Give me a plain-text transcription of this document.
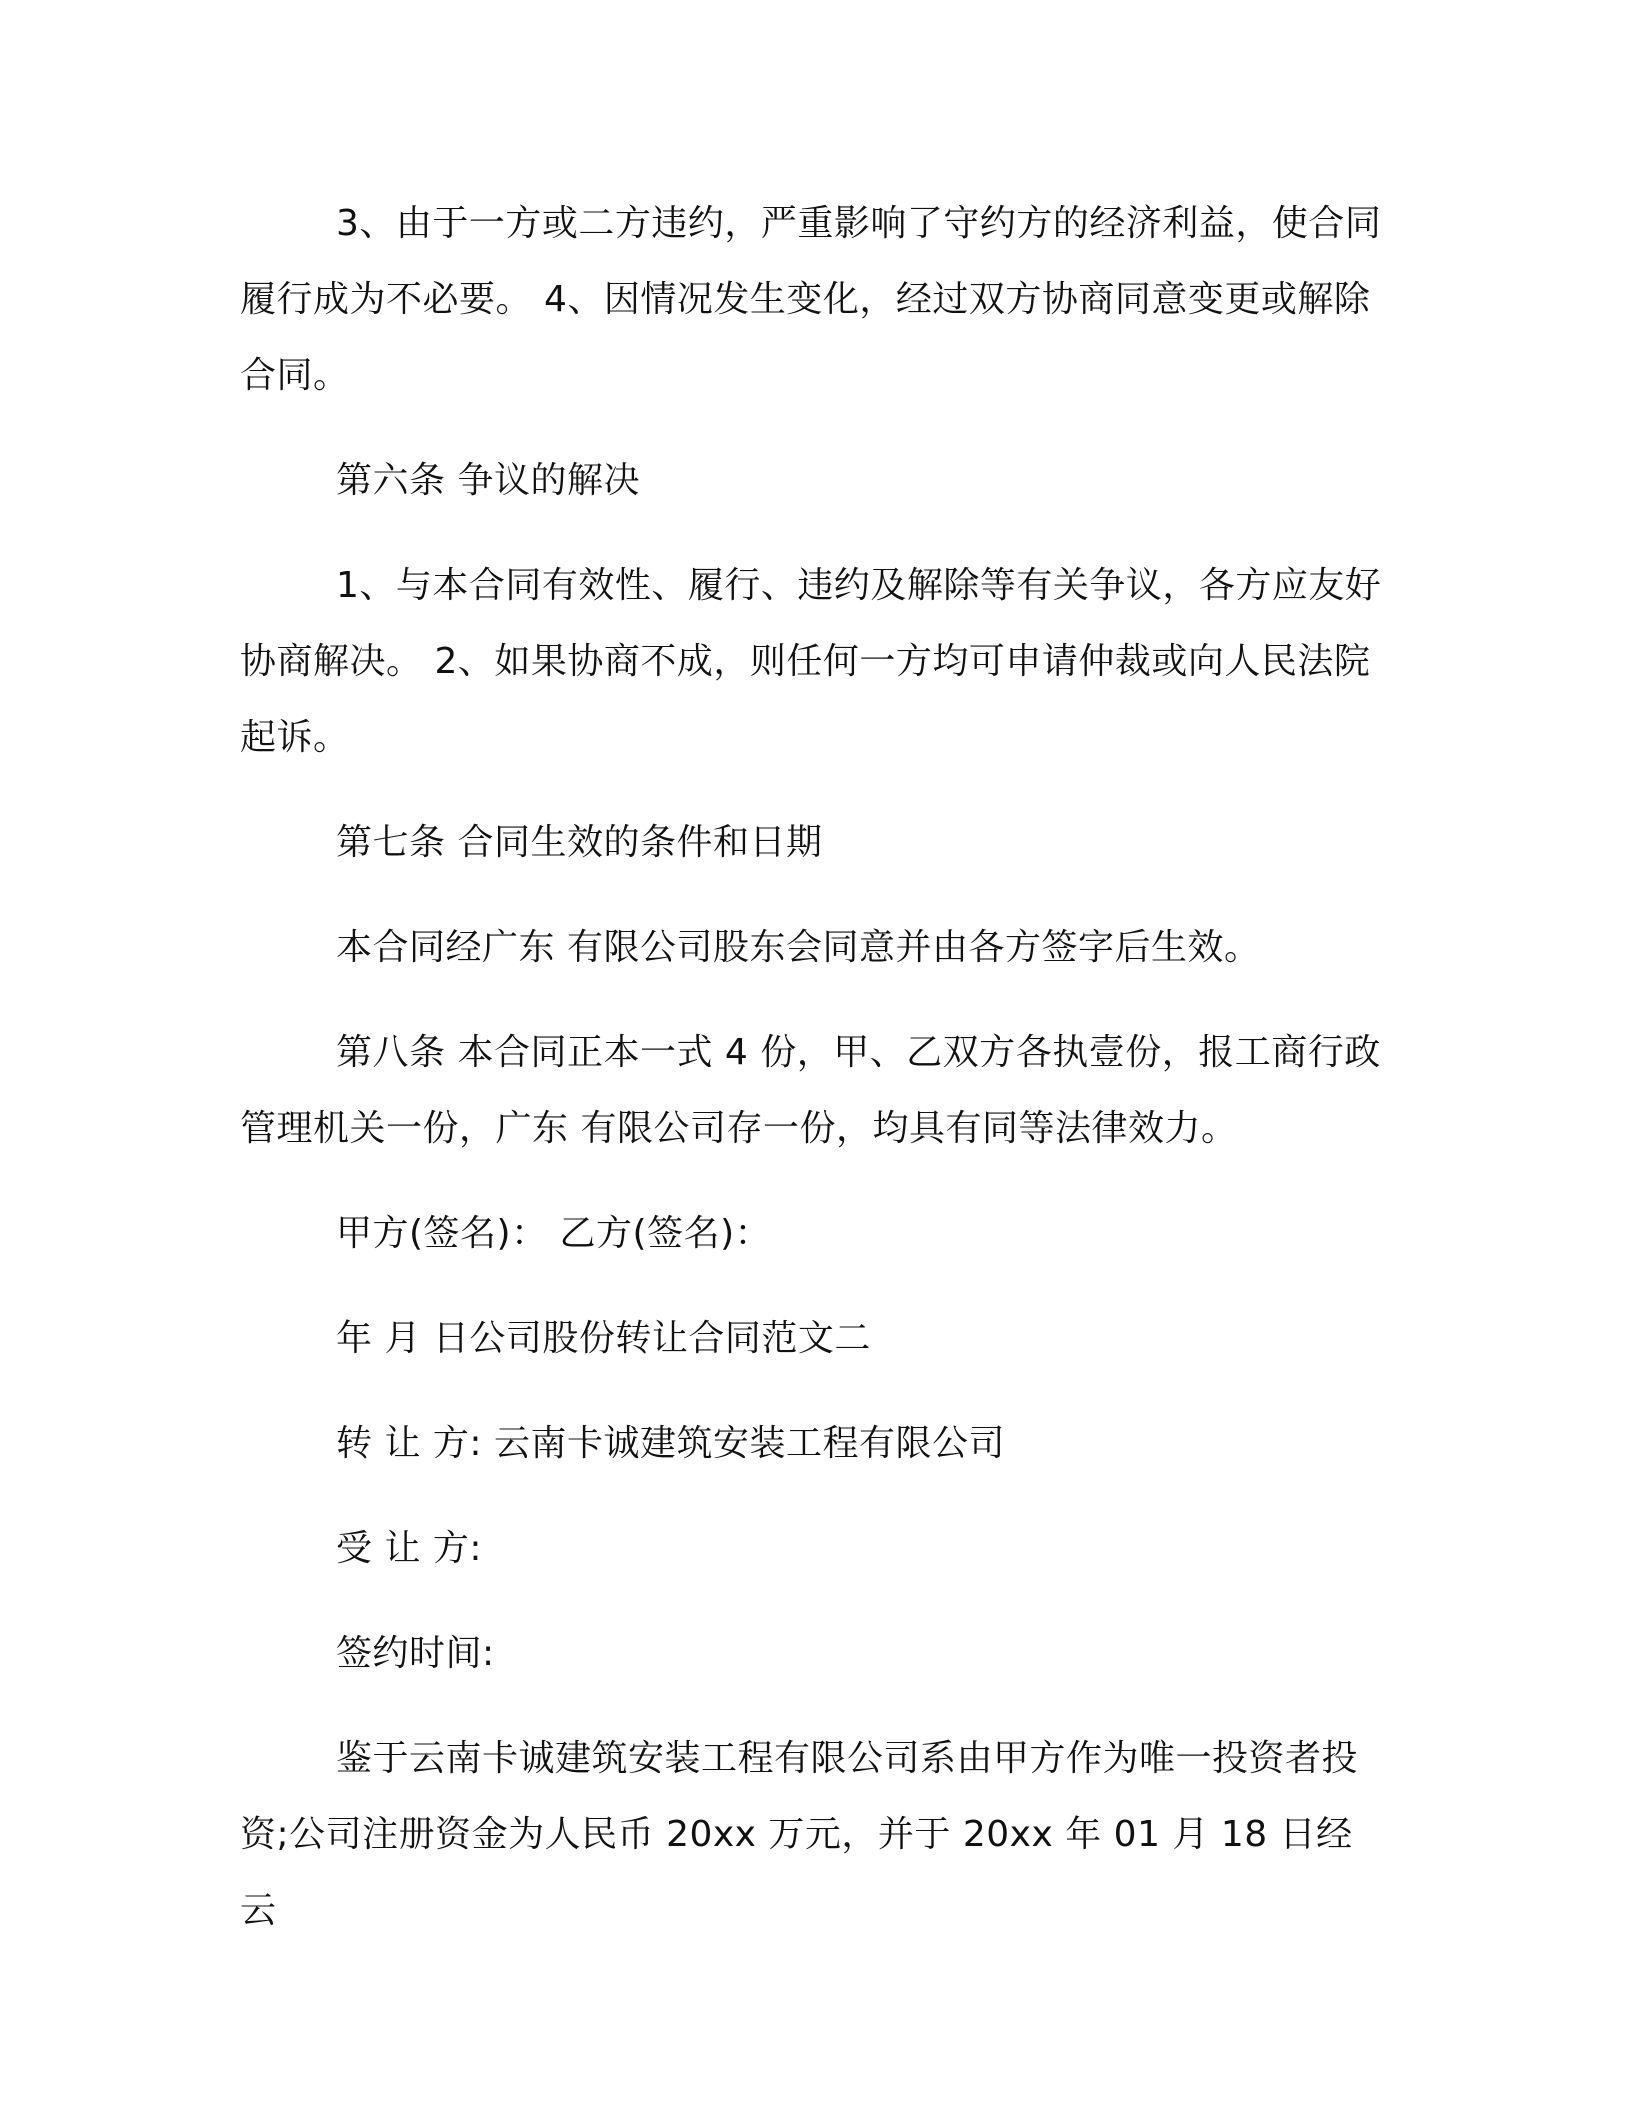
3、由于一方或二方违约，严重影响了守约方的经济利益，使合同履行成为不必要。 4、因情况发生变化，经过双方协商同意变更或解除合同。

第六条 争议的解决

1、与本合同有效性、履行、违约及解除等有关争议，各方应友好协商解决。 2、如果协商不成，则任何一方均可申请仲裁或向人民法院起诉。

第七条 合同生效的条件和日期

本合同经广东 有限公司股东会同意并由各方签字后生效。

第八条 本合同正本一式 4 份，甲、乙双方各执壹份，报工商行政管理机关一份，广东 有限公司存一份，均具有同等法律效力。

甲方(签名)： 乙方(签名)：

年 月 日公司股份转让合同范文二

转 让 方: 云南卡诚建筑安装工程有限公司

受 让 方:

签约时间:

鉴于云南卡诚建筑安装工程有限公司系由甲方作为唯一投资者投资;公司注册资金为人民币 20xx 万元，并于 20xx 年 01 月 18 日经云
